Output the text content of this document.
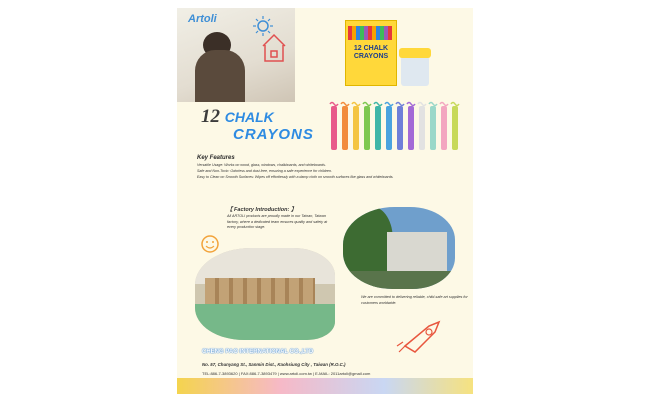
Artoli
12 CHALK
CRAYONS
12 CHALK
CRAYONS
Key Features
Versatile Usage: Works on wood, glass, windows, chalkboards, and whiteboards.
Safe and Non-Toxic: Odorless and dust-free, ensuring a safe experience for children.
Easy to Clean on Smooth Surfaces: Wipes off effortlessly with a damp cloth on smooth surfaces like glass and whiteboards.
【 Factory Introduction: 】
All ARTOLI products are proudly made in our Tainan, Taiwan factory, where a dedicated team ensures quality and safety at every production stage.
We are committed to delivering reliable, child-safe art supplies for customers worldwide.
CHENG PAO INTERNATIONAL CO.,LTD
No. 57, Chunyang St., Sanmin Dist., Kaohsiung City , Taiwan (R.O.C.)
TEL:886-7-3893620 | FAX:886-7-3893479 | www.artoli.com.tw | E-MAIL: 2011artoli@gmail.com
